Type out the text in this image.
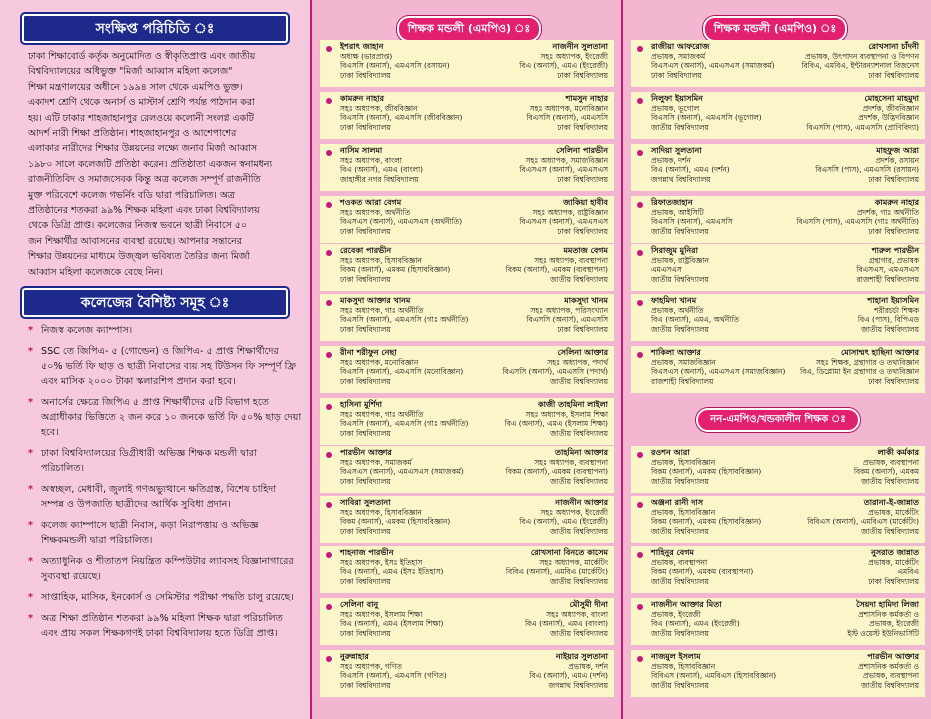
সংক্ষিপ্ত পরিচিতি ঃ
ঢাকা শিক্ষাবোর্ড কর্তৃক অনুমোদিত ও স্বীকৃতিপ্রাপ্ত এবং জাতীয়
বিশ্ববিদ্যালয়ের অধিভুক্ত "মির্জা আব্বাস মহিলা কলেজ"
শিক্ষা মন্ত্রণালয়ের অধীনে ১৯৯৪ সাল থেকে এমপিও ভুক্ত।
একাদশ শ্রেণি থেকে অনার্স ও মাস্টার্স শ্রেণি পর্যন্ত পাঠদান করা
হয়। এটি ঢাকার শাহজাহানপুর রেলওয়ে কলোনী সংলগ্ন একটি
আদর্শ নারী শিক্ষা প্রতিষ্ঠান। শাহজাহানপুর ও আশেপাশের
এলাকার নারীদের শিক্ষার উন্নয়নের লক্ষ্যে জনাব মির্জা আব্বাস
১৯৮০ সালে কলেজটি প্রতিষ্ঠা করেন। প্রতিষ্ঠাতা একজন স্বনামধন্য
রাজনীতিবিদ ও সমাজসেবক কিন্তু অত্র কলেজ সম্পূর্ণ রাজনীতি
মুক্ত পরিবেশে কলেজ গভর্নিং বডি দ্বারা পরিচালিত। অত্র
প্রতিষ্ঠানের শতকরা ৯৯% শিক্ষক মহিলা এবং ঢাকা বিশ্ববিদ্যালয়
থেকে ডিগ্রি প্রাপ্ত। কলেজের নিজস্ব ভবনে ছাত্রী নিবাসে ৫০
জন শিক্ষার্থীর আবাসনের ব্যবস্থা রয়েছে। আপনার সন্তানের
শিক্ষার উন্নয়নের মাধ্যমে উজ্জ্বল ভবিষ্যত তৈরির জন্য মির্জা
আব্বাস মহিলা কলেজকে বেছে নিন।
কলেজের বৈশিষ্ট্য সমূহ ঃ
* নিজস্ব কলেজ ক্যাম্পাস।
* SSC তে জিপিএ- ৫ (গোল্ডেন) ও জিপিএ- ৫ প্রাপ্ত শিক্ষার্থীদের ৫০% ভর্তি ফি ছাড় ও ছাত্রী নিবাসের ব্যয় সহ টিউসন ফি সম্পূর্ণ ফ্রি এবং মাসিক ২০০০ টাকা স্কলারশিপ প্রদান করা হবে।
* অনার্সের ক্ষেত্রে জিপিএ ৫ প্রাপ্ত শিক্ষার্থীদের ৫টি বিভাগ হতে অগ্রাধীকার ভিত্তিতে ২ জন করে ১০ জনকে ভর্তি ফি ৫০% ছাড় দেয়া হবে।
* ঢাকা বিশ্ববিদ্যালয়ের ডিগ্রীধারী অভিজ্ঞ শিক্ষক মন্ডলী দ্বারা পরিচালিত।
* অস্বচ্ছল, মেধাবী, জুলাই গণঅভ্যুত্থানে ক্ষতিগ্রস্ত, বিশেষ চাহিদা সম্পন্ন ও উপজাতি ছাত্রীদের আর্থিক সুবিধা প্রদান।
* কলেজ ক্যাম্পাসে ছাত্রী নিবাস, কড়া নিরাপত্তায় ও অভিজ্ঞ শিক্ষকমন্ডলী দ্বারা পরিচালিত।
* অত্যাধুনিক ও শীতাতপ নিয়ন্ত্রিত কম্পিউটার ল্যাবসহ বিজ্ঞানাগারের সুব্যবস্থা রয়েছে।
* সাপ্তাহিক, মাসিক, ইনকোর্স ও সেমিস্টার পরীক্ষা পদ্ধতি চালু রয়েছে।
* অত্র শিক্ষা প্রতিষ্ঠান শতকরা ৯৯% মহিলা শিক্ষক দ্বারা পরিচালিত এবং প্রায় সকল শিক্ষকগণই ঢাকা বিশ্ববিদ্যালয় হতে ডিগ্রি প্রাপ্ত।
শিক্ষক মন্ডলী (এমপিও) ঃ
ইশরাৎ জাহান
অধ্যক্ষ (ভারপ্রাপ্ত)
বিএসসি (অনার্স), এমএসসি (রসায়ন)
ঢাকা বিশ্ববিদ্যালয়
নাজনীন সুলতানা
সহঃ অধ্যাপক, ইংরেজী
বিএ (অনার্স), এমএ (ইংরেজী)
ঢাকা বিশ্ববিদ্যালয়
কামরুন নাহার
সহঃ অধ্যাপক, জীববিজ্ঞান
বিএসসি (অনার্স), এমএসসি (জীববিজ্ঞান)
ঢাকা বিশ্ববিদ্যালয়
শামসুন নাহার
সহঃ অধ্যাপক, মনোবিজ্ঞান
বিএসসি (অনার্স), এমএসসি
ঢাকা বিশ্ববিদ্যালয়
নাসিম সালমা
সহঃ অধ্যাপক, বাংলা
বিএ (অনার্স), এমএ (বাংলা)
জাহাঙ্গীর নগর বিশ্ববিদ্যালয়
সেলিনা পারভীন
সহঃ অধ্যাপক, সমাজবিজ্ঞান
বিএসএস (অনার্স), এমএসএস
ঢাকা বিশ্ববিদ্যালয়
শওকত আরা বেগম
সহঃ অধ্যাপক, অর্থনীতি
বিএসএস (অনার্স), এমএসএস (অর্থনীতি)
ঢাকা বিশ্ববিদ্যালয়
জাকিয়া হাবীব
সহঃ অধ্যাপক, রাষ্ট্রবিজ্ঞান
বিএসএস (অনার্স), এমএসএস
ঢাকা বিশ্ববিদ্যালয়
রেবেকা পারভীন
সহঃ অধ্যাপক, হিসাববিজ্ঞান
বিকম (অনার্স), এমকম (হিসাববিজ্ঞান)
ঢাকা বিশ্ববিদ্যালয়
মমতাজ বেগম
সহঃ অধ্যাপক, ব্যবস্থাপনা
বিকম (অনার্স), এমকম (ব্যবস্থাপনা)
জাতীয় বিশ্ববিদ্যালয়
মাকসুদা আক্তার খানম
সহঃ অধ্যাপক, গাঃ অর্থনীতি
বিএসসি (অনার্স), এমএসসি (গাঃ অর্থনীতি)
ঢাকা বিশ্ববিদ্যালয়
মাকসুদা খানম
সহঃ অধ্যাপক, পরিসংখ্যান
বিএসসি (অনার্স), এমএসসি
ঢাকা বিশ্ববিদ্যালয়
রীনা শরীফুন নেছা
সহঃ অধ্যাপক, মনোবিজ্ঞান
বিএসসি (অনার্স), এমএসসি (মনোবিজ্ঞান)
ঢাকা বিশ্ববিদ্যালয়
সেলিনা আক্তার
সহঃ অধ্যাপক, পদার্থ
বিএসসি (অনার্স), এমএসসি (পদার্থ)
জাতীয় বিশ্ববিদ্যালয়
হাসিনা মুর্শিদা
সহঃ অধ্যাপক, গাঃ অর্থনীতি
বিএসসি (অনার্স), এমএসসি (গাঃ অর্থনীতি)
ঢাকা বিশ্ববিদ্যালয়
কাজী তাহমিনা লাইলা
সহঃ অধ্যাপক, ইসলাম শিক্ষা
বিএ (অনার্স), এমএ (ইসলাম শিক্ষা)
জাতীয় বিশ্ববিদ্যালয়
পারভীন আক্তার
সহঃ অধ্যাপক, সমাজকর্ম
বিএসএস (অনার্স), এমএসএস (সমাজকর্ম)
ঢাকা বিশ্ববিদ্যালয়
তাহমিনা আক্তার
সহঃ অধ্যাপক, ব্যবস্থাপনা
বিকম (অনার্স), এমকম (ব্যবস্থাপনা)
জাতীয় বিশ্ববিদ্যালয়
সাবিরা সুলতানা
সহঃ অধ্যাপক, হিসাববিজ্ঞান
বিকম (অনার্স), এমকম (হিসাববিজ্ঞান)
ঢাকা বিশ্ববিদ্যালয়
নাজনীন আক্তার
সহঃ অধ্যাপক, ইংরেজী
বিএ (অনার্স), এমএ (ইংরেজী)
জাতীয় বিশ্ববিদ্যালয়
শাহনাজ পারভীন
সহঃ অধ্যাপক, ইসঃ ইতিহাস
বিএ (অনার্স), এমএ (ইসঃ ইতিহাস)
ঢাকা বিশ্ববিদ্যালয়
রোখসানা বিনতে কাসেম
সহঃ অধ্যাপক, মার্কেটিং
বিবিএ (অনার্স), এমবিএ (মার্কেটিং)
জাতীয় বিশ্ববিদ্যালয়
সেলিনা বানু
সহঃ অধ্যাপক, ইসলাম শিক্ষা
বিএ (অনার্স), এমএ (ইসলাম শিক্ষা)
ঢাকা বিশ্ববিদ্যালয়
মৌসুমী দীনা
সহঃ অধ্যাপক, বাংলা
বিএ (অনার্স), এমএ (বাংলা)
জাতীয় বিশ্ববিদ্যালয়
নুরুন্নাহার
সহঃ অধ্যাপক, গণিত
বিএসসি (অনার্স), এমএসসি (গণিত)
ঢাকা বিশ্ববিদ্যালয়
নাইয়ার সুলতানা
প্রভাষক, দর্শন
বিএ (অনার্স), এমএ (দর্শন)
জগন্নাথ বিশ্ববিদ্যালয়
শিক্ষক মন্ডলী (এমপিও) ঃ
নন-এমপিও/খন্ডকালীন শিক্ষক ঃ
রাজীয়া আফরোজ
প্রভাষক, সমাজকর্ম
বিএসএস (অনার্স), এমএসএস (সমাজকর্ম)
ঢাকা বিশ্ববিদ্যালয়
রোখসানা চাঁদনী
প্রভাষক, উৎপাদন ব্যবস্থাপনা ও বিপণন
বিবিএ, এমবিএ, ইন্টারন্যাশনাল বিজনেস
ঢাকা বিশ্ববিদ্যালয়
নিলুফা ইয়াসমিন
প্রভাষক, ভূগোল
বিএসসি (অনার্স), এমএসসি (ভূগোল)
জাতীয় বিশ্ববিদ্যালয়
মোহসেনা মাহমুদা
প্রদর্শক, জীববিজ্ঞান
প্রদর্শক, উদ্ভিদবিজ্ঞান
বিএসসি (পাস), এমএসসি (প্রাণিবিদ্যা)
সাদিয়া সুলতানা
প্রভাষক, দর্শন
বিএ (অনার্স), এমএ (দর্শন)
জগন্নাথ বিশ্ববিদ্যালয়
মাহফুজ আরা
প্রদর্শক, রসায়ন
বিএসসি (পাস), এমএসসি (রসায়ন)
ঢাকা বিশ্ববিদ্যালয়
রিফাতজাহান
প্রভাষক, আইসিটি
বিএসসি (অনার্স), এমএসসি
জাতীয় বিশ্ববিদ্যালয়
কামরুন নাহার
প্রদর্শক, গাঃ অর্থনীতি
বিএসসি (পাস), এমএসসি (গাঃ অর্থনীতি)
ঢাকা বিশ্ববিদ্যালয়
সিরাজুম মুনিরা
প্রভাষক, রাষ্ট্রবিজ্ঞান
এমএসএস
জাতীয় বিশ্ববিদ্যালয়
শারুল পারভীন
গ্রন্থাগার, প্রভাষক
বিএসএস, এমএসএস
রাজশাহী বিশ্ববিদ্যালয়
ফাহমিদা খানম
প্রভাষক, অর্থনীতি
বিএ (অনার্স), এমএ, অর্থনীতি
জাতীয় বিশ্ববিদ্যালয়
শাহানা ইয়াসমিন
শরীরচর্চা শিক্ষক
বিএ (পাস), বিপিএড
জাতীয় বিশ্ববিদ্যালয়
শাকিলা আক্তার
প্রভাষক, সমাজবিজ্ঞান
বিএসএস (অনার্স), এমএসএস (সমাজবিজ্ঞান)
রাজশাহী বিশ্ববিদ্যালয়
মোসাম্মৎ হাছিনা আক্তার
সহঃ শিক্ষক, গ্রন্থাগার ও তথ্যবিজ্ঞান
বিএ, ডিপ্লোমা ইন গ্রন্থাগার ও তথ্যবিজ্ঞান
ঢাকা বিশ্ববিদ্যালয়
রওশন আরা
প্রভাষক, হিসাববিজ্ঞান
বিকম (অনার্স), এমকম (হিসাববিজ্ঞান)
জাতীয় বিশ্ববিদ্যালয়
লাকী কর্মকার
প্রভাষক, ব্যবস্থাপনা
বিকম (অনার্স), এমকম
জাতীয় বিশ্ববিদ্যালয়
অঞ্জনা রানী দাস
প্রভাষক, হিসাববিজ্ঞান
বিকম (অনার্স), এমকম (হিসাববিজ্ঞান)
জাতীয় বিশ্ববিদ্যালয়
তারানা-ই-জান্নাত
প্রভাষক, মার্কেটিং
বিবিএস (অনার্স), এমবিএস (মার্কেটিং)
জাতীয় বিশ্ববিদ্যালয়
শাহিনুর বেগম
প্রভাষক, ব্যবস্থাপনা
বিকম (অনার্স), এমকম (ব্যবস্থাপনা)
জাতীয় বিশ্ববিদ্যালয়
নুসরাত জান্নাত
প্রভাষক, মার্কেটিং
এমবিএ
ঢাকা বিশ্ববিদ্যালয়
নাজনীন আক্তার মিতা
প্রভাষক, ইংরেজী
বিএ (অনার্স), এমএ (ইংরেজী)
জাতীয় বিশ্ববিদ্যালয়
সৈয়দা হামিদা লিজা
প্রশাসনিক কর্মকর্তা ও
প্রভাষক, ইংরেজী
ইস্ট ওয়েস্ট ইউনিভার্সিটি
নাজমুল ইসলাম
প্রভাষক, হিসাববিজ্ঞান
বিবিএস (অনার্স), এমবিএস (হিসাববিজ্ঞান)
জাতীয় বিশ্ববিদ্যালয়
পারভীন আক্তার
প্রশাসনিক কর্মকর্তা ও
প্রভাষক, ব্যবস্থাপনা
জাতীয় বিশ্ববিদ্যালয়
